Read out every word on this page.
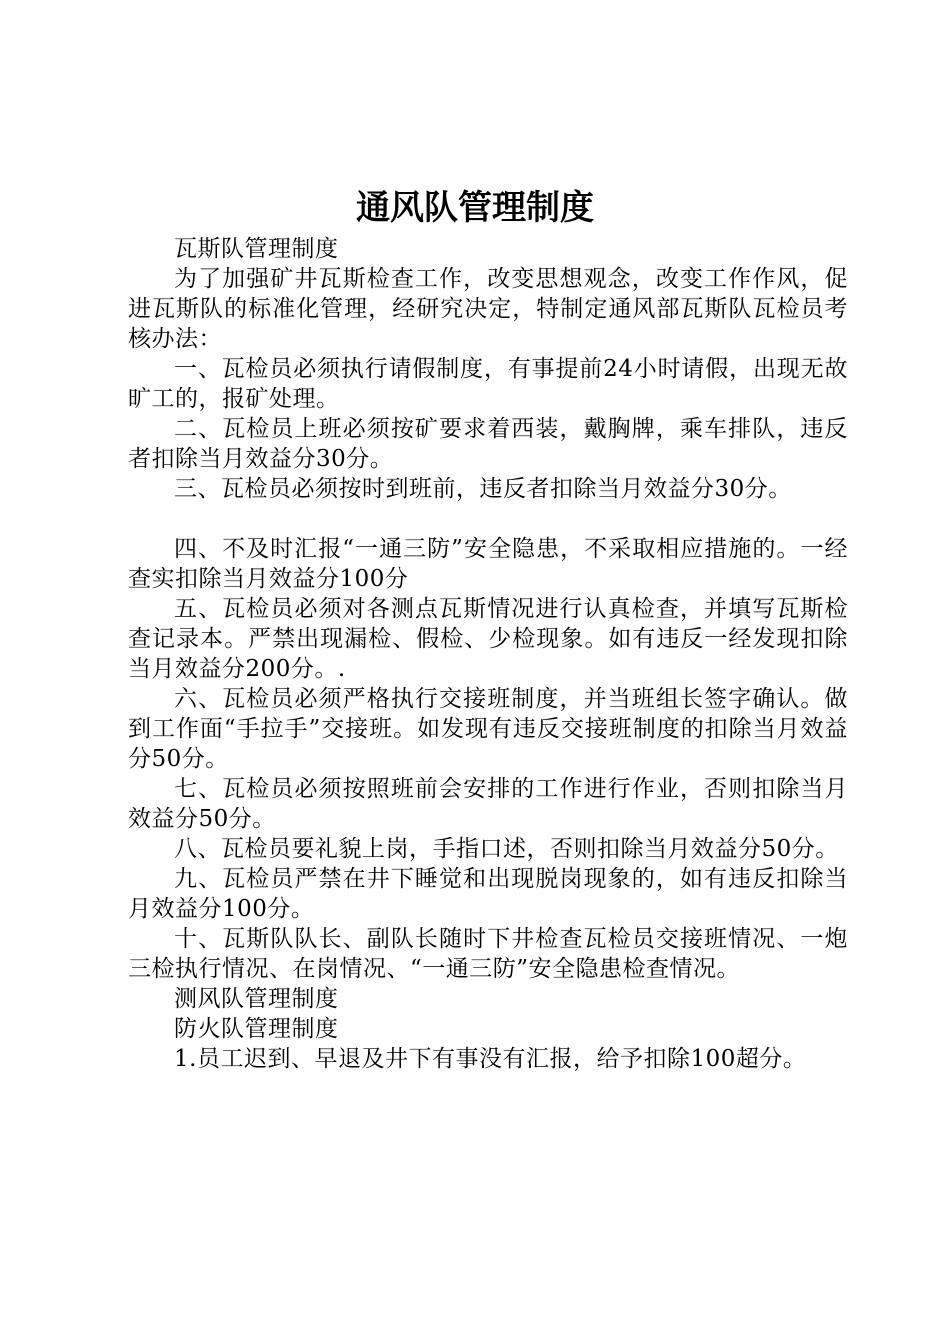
通风队管理制度

瓦斯队管理制度

为了加强矿井瓦斯检查工作，改变思想观念，改变工作作风，促进瓦斯队的标准化管理，经研究决定，特制定通风部瓦斯队瓦检员考核办法：

一、瓦检员必须执行请假制度，有事提前24小时请假，出现无故旷工的，报矿处理。

二、瓦检员上班必须按矿要求着西装，戴胸牌，乘车排队，违反者扣除当月效益分30分。

三、瓦检员必须按时到班前，违反者扣除当月效益分30分。

四、不及时汇报“一通三防”安全隐患，不采取相应措施的。一经查实扣除当月效益分100分

五、瓦检员必须对各测点瓦斯情况进行认真检查，并填写瓦斯检查记录本。严禁出现漏检、假检、少检现象。如有违反一经发现扣除当月效益分200分。.

六、瓦检员必须严格执行交接班制度，并当班组长签字确认。做到工作面“手拉手”交接班。如发现有违反交接班制度的扣除当月效益分50分。

七、瓦检员必须按照班前会安排的工作进行作业，否则扣除当月效益分50分。

八、瓦检员要礼貌上岗，手指口述，否则扣除当月效益分50分。

九、瓦检员严禁在井下睡觉和出现脱岗现象的，如有违反扣除当月效益分100分。

十、瓦斯队队长、副队长随时下井检查瓦检员交接班情况、一炮三检执行情况、在岗情况、“一通三防”安全隐患检查情况。

测风队管理制度

防火队管理制度

1.员工迟到、早退及井下有事没有汇报，给予扣除100超分。
